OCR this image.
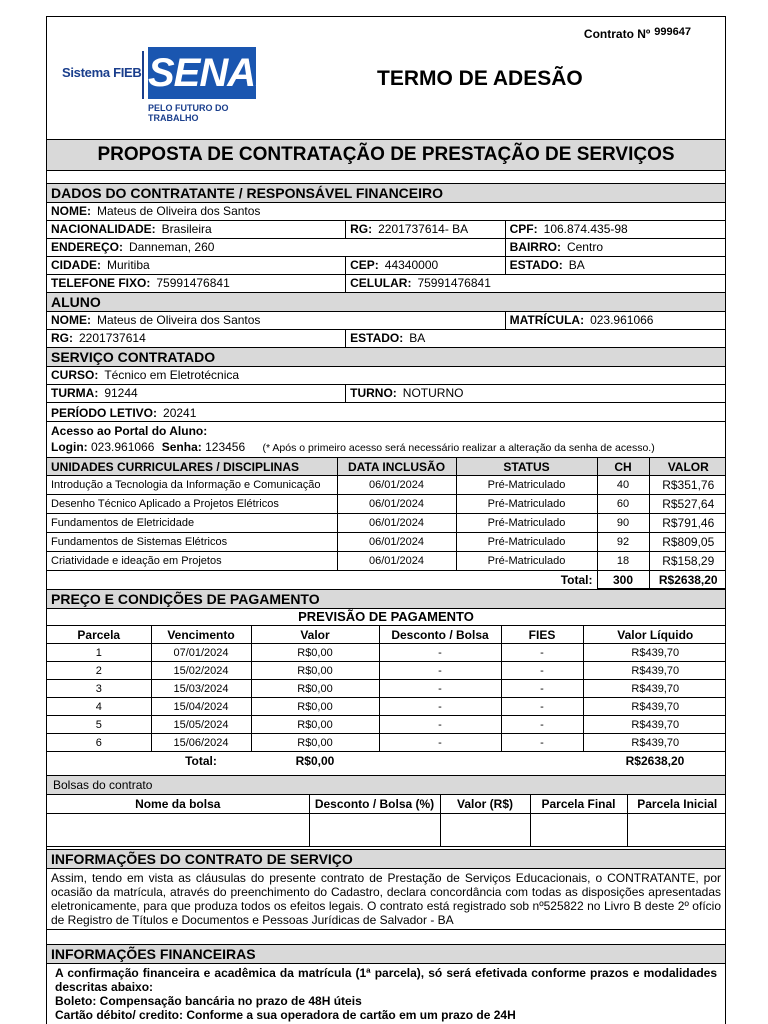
Sistema FIEB SENAI
PELO FUTURO DO TRABALHO
Contrato Nº 999647
TERMO DE ADESÃO
PROPOSTA DE CONTRATAÇÃO DE PRESTAÇÃO DE SERVIÇOS
DADOS DO CONTRATANTE / RESPONSÁVEL FINANCEIRO
NOME: Mateus de Oliveira dos Santos
NACIONALIDADE: Brasileira	RG: 2201737614- BA	CPF: 106.874.435-98
ENDEREÇO: Danneman, 260	BAIRRO: Centro
CIDADE: Muritiba	CEP: 44340000	ESTADO: BA
TELEFONE FIXO: 75991476841	CELULAR: 75991476841
ALUNO
NOME: Mateus de Oliveira dos Santos	MATRÍCULA: 023.961066
RG: 2201737614	ESTADO: BA
SERVIÇO CONTRATADO
CURSO: Técnico em Eletrotécnica
TURMA: 91244	TURNO: NOTURNO
PERÍODO LETIVO: 20241
Acesso ao Portal do Aluno:
Login: 023.961066 Senha: 123456 (* Após o primeiro acesso será necessário realizar a alteração da senha de acesso.)
UNIDADES CURRICULARES / DISCIPLINAS	DATA INCLUSÃO	STATUS	CH	VALOR
Introdução a Tecnologia da Informação e Comunicação	06/01/2024	Pré-Matriculado	40	R$351,76
Desenho Técnico Aplicado a Projetos Elétricos	06/01/2024	Pré-Matriculado	60	R$527,64
Fundamentos de Eletricidade	06/01/2024	Pré-Matriculado	90	R$791,46
Fundamentos de Sistemas Elétricos	06/01/2024	Pré-Matriculado	92	R$809,05
Criatividade e ideação em Projetos	06/01/2024	Pré-Matriculado	18	R$158,29
		Total:	300	R$2638,20
PREÇO E CONDIÇÕES DE PAGAMENTO
PREVISÃO DE PAGAMENTO
Parcela	Vencimento	Valor	Desconto / Bolsa	FIES	Valor Líquido
1	07/01/2024	R$0,00	-	-	R$439,70
2	15/02/2024	R$0,00	-	-	R$439,70
3	15/03/2024	R$0,00	-	-	R$439,70
4	15/04/2024	R$0,00	-	-	R$439,70
5	15/05/2024	R$0,00	-	-	R$439,70
6	15/06/2024	R$0,00	-	-	R$439,70
	Total:	R$0,00			R$2638,20
Bolsas do contrato
Nome da bolsa	Desconto / Bolsa (%)	Valor (R$)	Parcela Final	Parcela Inicial

INFORMAÇÕES DO CONTRATO DE SERVIÇO
Assim, tendo em vista as cláusulas do presente contrato de Prestação de Serviços Educacionais, o CONTRATANTE, por ocasião da matrícula, através do preenchimento do Cadastro, declara concordância com todas as disposições apresentadas eletronicamente, para que produza todos os efeitos legais. O contrato está registrado sob nº525822 no Livro B deste 2º ofício de Registro de Títulos e Documentos e Pessoas Jurídicas de Salvador - BA
INFORMAÇÕES FINANCEIRAS
A confirmação financeira e acadêmica da matrícula (1ª parcela), só será efetivada conforme prazos e modalidades descritas abaixo:
Boleto: Compensação bancária no prazo de 48H úteis
Cartão débito/ credito: Conforme a sua operadora de cartão em um prazo de 24H
